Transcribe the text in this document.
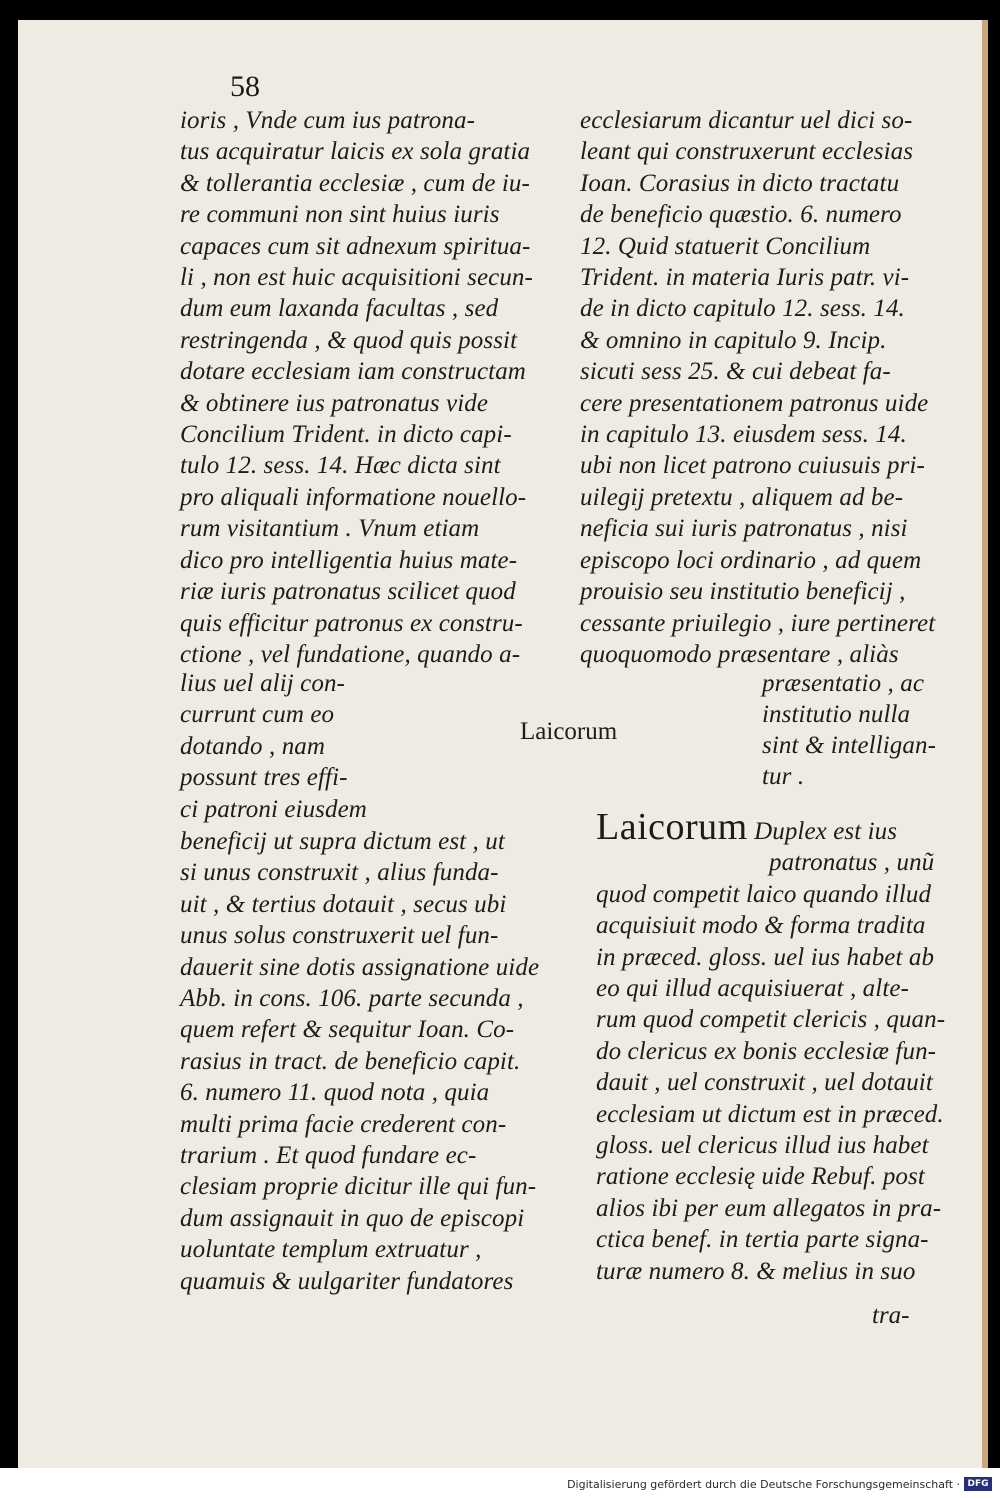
58
ioris , Vnde cum ius patrona-
tus acquiratur laicis ex sola gratia
& tollerantia ecclesiæ , cum de iu-
re communi non sint huius iuris
capaces cum sit adnexum spiritua-
li , non est huic acquisitioni secun-
dum eum laxanda facultas , sed
restringenda , & quod quis possit
dotare ecclesiam iam constructam
& obtinere ius patronatus vide
Concilium Trident. in dicto capi-
tulo 12. sess. 14. Hæc dicta sint
pro aliquali informatione nouello-
rum visitantium . Vnum etiam
dico pro intelligentia huius mate-
riæ iuris patronatus scilicet quod
quis efficitur patronus ex constru-
ctione , vel fundatione, quando a-
lius uel alij con-
currunt cum eo
dotando , nam
possunt tres effi-
ci patroni eiusdem
beneficij ut supra dictum est , ut
si unus construxit , alius funda-
uit , & tertius dotauit , secus ubi
unus solus construxerit uel fun-
dauerit sine dotis assignatione uide
Abb. in cons. 106. parte secunda ,
quem refert & sequitur Ioan. Co-
rasius in tract. de beneficio capit.
6. numero 11. quod nota , quia
multi prima facie crederent con-
trarium . Et quod fundare ec-
clesiam proprie dicitur ille qui fun-
dum assignauit in quo de episcopi
uoluntate templum extruatur ,
quamuis & uulgariter fundatores
Laicorum
ecclesiarum dicantur uel dici so-
leant qui construxerunt ecclesias
Ioan. Corasius in dicto tractatu
de beneficio quæstio. 6. numero
12. Quid statuerit Concilium
Trident. in materia Iuris patr. vi-
de in dicto capitulo 12. sess. 14.
& omnino in capitulo 9. Incip.
sicuti sess 25. & cui debeat fa-
cere presentationem patronus uide
in capitulo 13. eiusdem sess. 14.
ubi non licet patrono cuiusuis pri-
uilegij pretextu , aliquem ad be-
neficia sui iuris patronatus , nisi
episcopo loci ordinario , ad quem
prouisio seu institutio beneficij ,
cessante priuilegio , iure pertineret
quoquomodo præsentare , aliàs
præsentatio , ac
institutio nulla
sint & intelligan-
tur .
Laicorum Duplex est ius
patronatus , unũ
quod competit laico quando illud
acquisiuit modo & forma tradita
in præced. gloss. uel ius habet ab
eo qui illud acquisiuerat , alte-
rum quod competit clericis , quan-
do clericus ex bonis ecclesiæ fun-
dauit , uel construxit , uel dotauit
ecclesiam ut dictum est in præced.
gloss. uel clericus illud ius habet
ratione ecclesię uide Rebuf. post
alios ibi per eum allegatos in pra-
ctica benef. in tertia parte signa-
turæ numero 8. & melius in suo
tra-
Digitalisierung gefördert durch die Deutsche Forschungsgemeinschaft · DFG
